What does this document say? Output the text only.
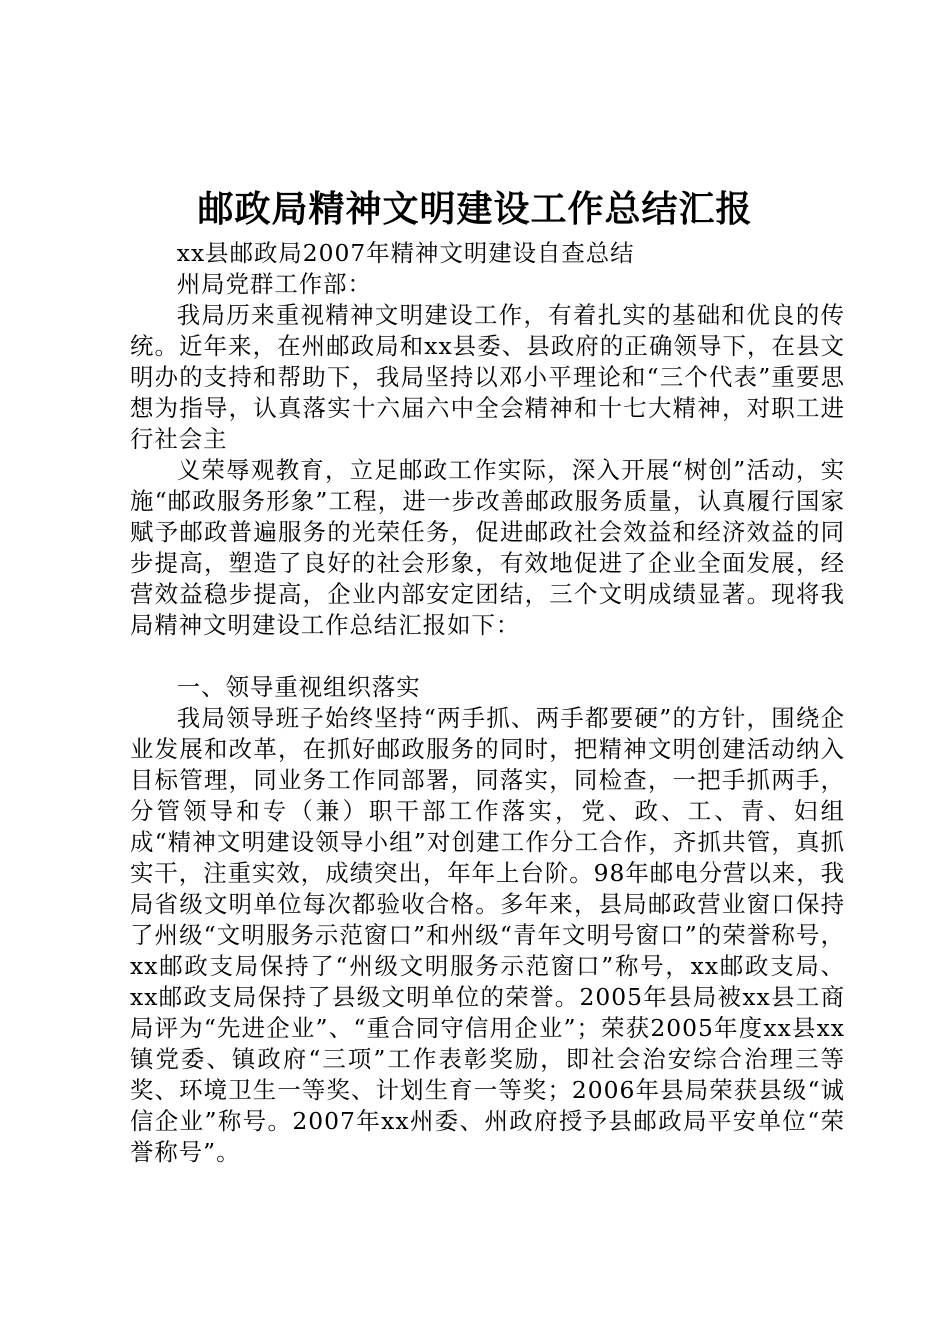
邮政局精神文明建设工作总结汇报

xx县邮政局2007年精神文明建设自查总结

州局党群工作部：

我局历来重视精神文明建设工作，有着扎实的基础和优良的传统。近年来，在州邮政局和xx县委、县政府的正确领导下，在县文明办的支持和帮助下，我局坚持以邓小平理论和“三个代表”重要思想为指导，认真落实十六届六中全会精神和十七大精神，对职工进行社会主

义荣辱观教育，立足邮政工作实际，深入开展“树创”活动，实施“邮政服务形象”工程，进一步改善邮政服务质量，认真履行国家赋予邮政普遍服务的光荣任务，促进邮政社会效益和经济效益的同步提高，塑造了良好的社会形象，有效地促进了企业全面发展，经营效益稳步提高，企业内部安定团结，三个文明成绩显著。现将我局精神文明建设工作总结汇报如下：

一、领导重视组织落实

我局领导班子始终坚持“两手抓、两手都要硬”的方针，围绕企业发展和改革，在抓好邮政服务的同时，把精神文明创建活动纳入目标管理，同业务工作同部署，同落实，同检查，一把手抓两手，分管领导和专（兼）职干部工作落实，党、政、工、青、妇组成“精神文明建设领导小组”对创建工作分工合作，齐抓共管，真抓实干，注重实效，成绩突出，年年上台阶。98年邮电分营以来，我局省级文明单位每次都验收合格。多年来，县局邮政营业窗口保持了州级“文明服务示范窗口”和州级“青年文明号窗口”的荣誉称号，xx邮政支局保持了“州级文明服务示范窗口”称号，xx邮政支局、xx邮政支局保持了县级文明单位的荣誉。2005年县局被xx县工商局评为“先进企业”、“重合同守信用企业”；荣获2005年度xx县xx镇党委、镇政府“三项”工作表彰奖励，即社会治安综合治理三等奖、环境卫生一等奖、计划生育一等奖；2006年县局荣获县级“诚信企业”称号。2007年xx州委、州政府授予县邮政局平安单位“荣誉称号”。
